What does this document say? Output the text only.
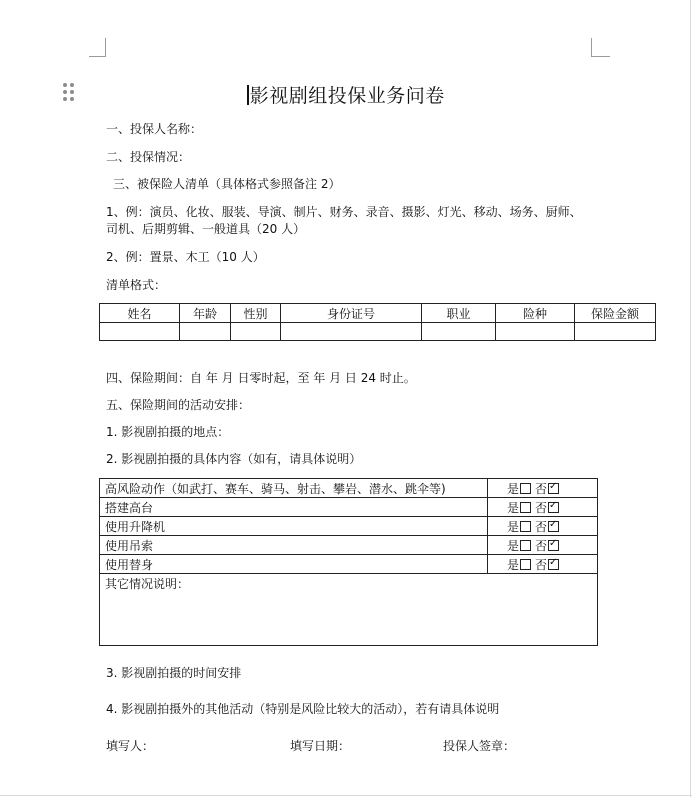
影视剧组投保业务问卷
一、投保人名称：
二、投保情况：
三、被保险人清单（具体格式参照备注 2）
1、例：演员、化妆、服装、导演、制片、财务、录音、摄影、灯光、移动、场务、厨师、
司机、后期剪辑、一般道具（20 人）
2、例：置景、木工（10 人）
清单格式：
姓名	年龄	性别	身份证号	职业	险种	保险金额

四、保险期间：自 年 月 日零时起，至 年 月 日 24 时止。
五、保险期间的活动安排：
1. 影视剧拍摄的地点：
2. 影视剧拍摄的具体内容（如有，请具体说明）
高风险动作（如武打、赛车、骑马、射击、攀岩、潜水、跳伞等)	是 否✓
搭建高台	是 否✓
使用升降机	是 否✓
使用吊索	是 否✓
使用替身	是 否✓
其它情况说明：	
3. 影视剧拍摄的时间安排
4. 影视剧拍摄外的其他活动（特别是风险比较大的活动），若有请具体说明
填写人：	填写日期：	投保人签章：
